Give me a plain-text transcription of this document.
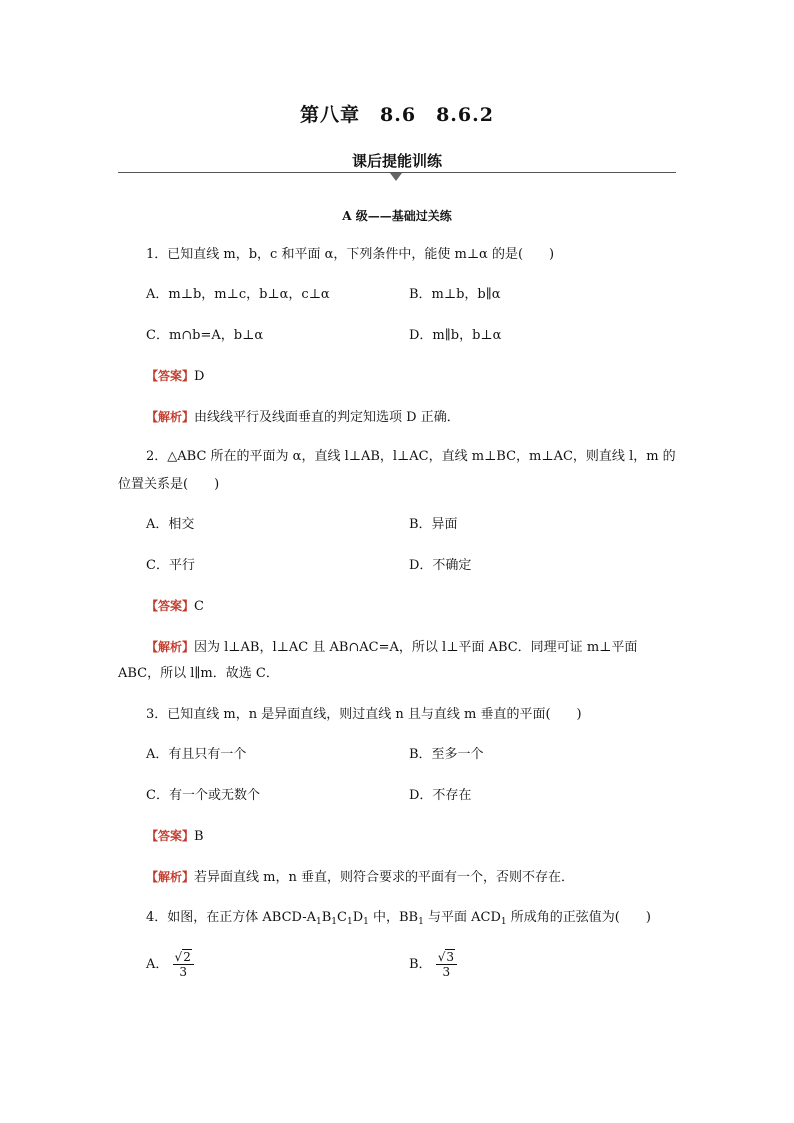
第八章　8.6　8.6.2
课后提能训练
A 级——基础过关练
1．已知直线 m，b，c 和平面 α，下列条件中，能使 m⊥α 的是(　　)
A．m⊥b，m⊥c，b⊥α，c⊥α	B．m⊥b，b∥α
C．m∩b=A，b⊥α	D．m∥b，b⊥α
【答案】D
【解析】由线线平行及线面垂直的判定知选项 D 正确．
2．△ABC 所在的平面为 α，直线 l⊥AB，l⊥AC，直线 m⊥BC，m⊥AC，则直线 l，m 的
位置关系是(　　)
A．相交	B．异面
C．平行	D．不确定
【答案】C
【解析】因为 l⊥AB，l⊥AC 且 AB∩AC=A，所以 l⊥平面 ABC．同理可证 m⊥平面
ABC，所以 l∥m．故选 C．
3．已知直线 m，n 是异面直线，则过直线 n 且与直线 m 垂直的平面(　　)
A．有且只有一个	B．至多一个
C．有一个或无数个	D．不存在
【答案】B
【解析】若异面直线 m，n 垂直，则符合要求的平面有一个，否则不存在．
4．如图，在正方体 ABCD-$A_1B_1C_1D_1$ 中，$BB_1$ 与平面 $ACD_1$ 所成角的正弦值为(　　)
A． $\frac{√2}{3}$	B． $\frac{√3}{3}$
